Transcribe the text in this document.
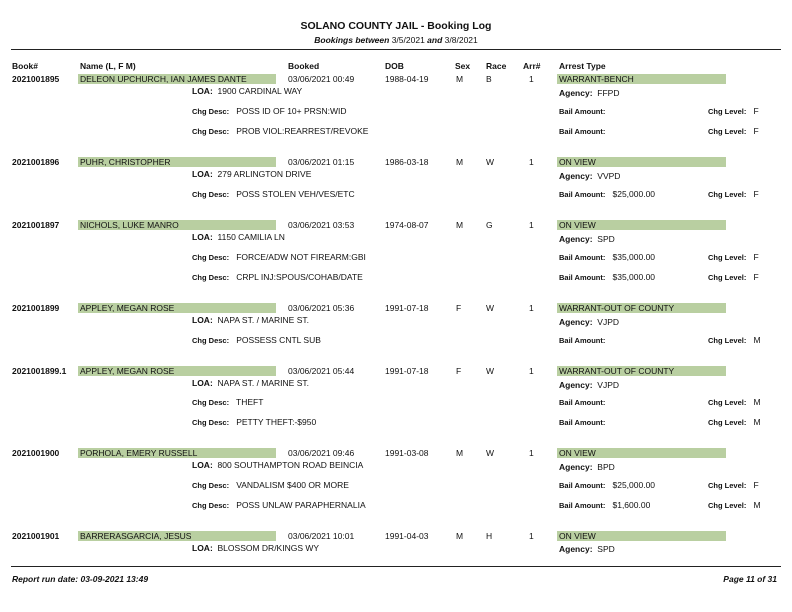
SOLANO COUNTY JAIL - Booking Log
Bookings between 3/5/2021 and 3/8/2021
Book#	Name (L, F M)	Booked	DOB	Sex Race Arr# Arrest Type
2021001895 DELEON UPCHURCH, IAN JAMES DANTE	03/06/2021 00:49	1988-04-19	M	B	1	WARRANT-BENCH
LOA: 1900 CARDINAL WAY	Agency: FFPD
Chg Desc: POSS ID OF 10+ PRSN:WID	Bail Amount:	Chg Level: F
Chg Desc: PROB VIOL:REARREST/REVOKE	Bail Amount:	Chg Level: F
2021001896 PUHR, CHRISTOPHER	03/06/2021 01:15	1986-03-18	M	W	1	ON VIEW
LOA: 279 ARLINGTON DRIVE	Agency: VVPD
Chg Desc: POSS STOLEN VEH/VES/ETC	Bail Amount: $25,000.00	Chg Level: F
2021001897 NICHOLS, LUKE MANRO	03/06/2021 03:53	1974-08-07	M	G	1	ON VIEW
LOA: 1150 CAMILIA LN	Agency: SPD
Chg Desc: FORCE/ADW NOT FIREARM:GBI	Bail Amount: $35,000.00	Chg Level: F
Chg Desc: CRPL INJ:SPOUS/COHAB/DATE	Bail Amount: $35,000.00	Chg Level: F
2021001899 APPLEY, MEGAN ROSE	03/06/2021 05:36	1991-07-18	F	W	1	WARRANT-OUT OF COUNTY
LOA: NAPA ST. / MARINE ST.	Agency: VJPD
Chg Desc: POSSESS CNTL SUB	Bail Amount:	Chg Level: M
2021001899.1 APPLEY, MEGAN ROSE	03/06/2021 05:44	1991-07-18	F	W	1	WARRANT-OUT OF COUNTY
LOA: NAPA ST. / MARINE ST.	Agency: VJPD
Chg Desc: THEFT	Bail Amount:	Chg Level: M
Chg Desc: PETTY THEFT:-$950	Bail Amount:	Chg Level: M
2021001900 PORHOLA, EMERY RUSSELL	03/06/2021 09:46	1991-03-08	M	W	1	ON VIEW
LOA: 800 SOUTHAMPTON ROAD BEINCIA	Agency: BPD
Chg Desc: VANDALISM $400 OR MORE	Bail Amount: $25,000.00	Chg Level: F
Chg Desc: POSS UNLAW PARAPHERNALIA	Bail Amount: $1,600.00	Chg Level: M
2021001901 BARRERASGARCIA, JESUS	03/06/2021 10:01	1991-04-03	M	H	1	ON VIEW
LOA: BLOSSOM DR/KINGS WY	Agency: SPD
Report run date: 03-09-2021 13:49	Page 11 of 31
